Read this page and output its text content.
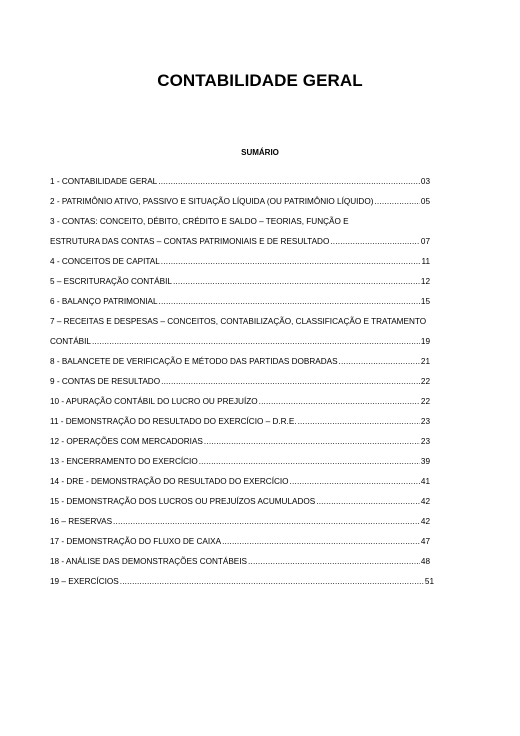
CONTABILIDADE GERAL
SUMÁRIO
1 - CONTABILIDADE GERAL .....	03
2 - PATRIMÔNIO ATIVO, PASSIVO E SITUAÇÃO LÍQUIDA (OU PATRIMÔNIO LÍQUIDO) .....	05
3 - CONTAS: CONCEITO, DÉBITO, CRÉDITO E SALDO – TEORIAS, FUNÇÃO E
ESTRUTURA DAS CONTAS – CONTAS PATRIMONIAIS E DE RESULTADO .....	07
4 - CONCEITOS DE CAPITAL .....	11
5 – ESCRITURAÇÃO CONTÁBIL .....	12
6 - BALANÇO PATRIMONIAL .....	15
7 – RECEITAS E DESPESAS – CONCEITOS, CONTABILIZAÇÃO, CLASSIFICAÇÃO E TRATAMENTO
CONTÁBIL .....	19
8 - BALANCETE DE VERIFICAÇÃO E MÉTODO DAS PARTIDAS DOBRADAS .....	21
9 - CONTAS DE RESULTADO .....	22
10 - APURAÇÃO CONTÁBIL DO LUCRO OU PREJUÍZO .....	22
11 - DEMONSTRAÇÃO DO RESULTADO DO EXERCÍCIO – D.R.E. .....	23
12 - OPERAÇÕES COM MERCADORIAS .....	23
13 - ENCERRAMENTO DO EXERCÍCIO .....	39
14 - DRE - DEMONSTRAÇÃO DO RESULTADO DO EXERCÍCIO .....	41
15 - DEMONSTRAÇÃO DOS LUCROS OU PREJUÍZOS ACUMULADOS .....	42
16 – RESERVAS .....	42
17 - DEMONSTRAÇÃO DO FLUXO DE CAIXA .....	47
18 - ANÁLISE DAS DEMONSTRAÇÕES CONTÁBEIS .....	48
19 – EXERCÍCIOS .....	51
